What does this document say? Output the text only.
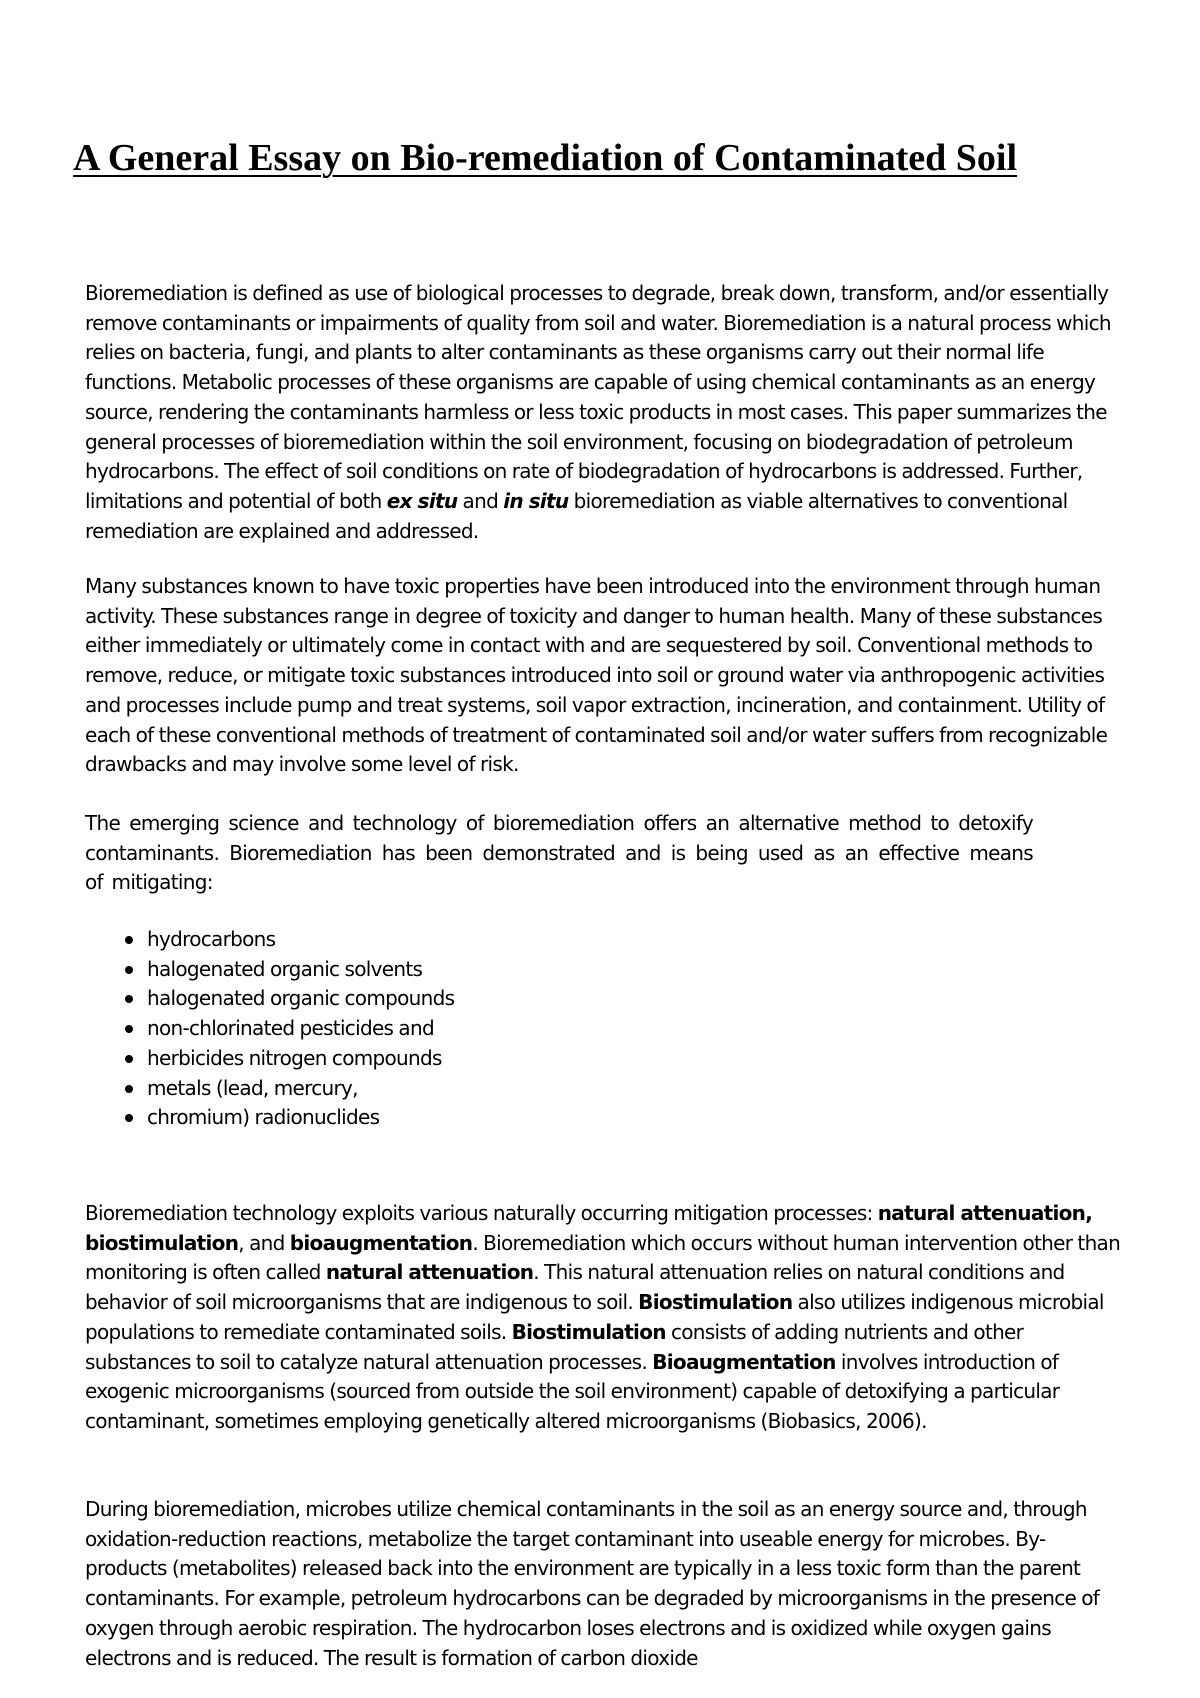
A General Essay on Bio-remediation of Contaminated Soil

Bioremediation is defined as use of biological processes to degrade, break down, transform, and/or essentially remove contaminants or impairments of quality from soil and water. Bioremediation is a natural process which relies on bacteria, fungi, and plants to alter contaminants as these organisms carry out their normal life functions. Metabolic processes of these organisms are capable of using chemical contaminants as an energy source, rendering the contaminants harmless or less toxic products in most cases. This paper summarizes the general processes of bioremediation within the soil environment, focusing on biodegradation of petroleum hydrocarbons. The effect of soil conditions on rate of biodegradation of hydrocarbons is addressed. Further, limitations and potential of both ex situ and in situ bioremediation as viable alternatives to conventional remediation are explained and addressed.

Many substances known to have toxic properties have been introduced into the environment through human activity. These substances range in degree of toxicity and danger to human health. Many of these substances either immediately or ultimately come in contact with and are sequestered by soil. Conventional methods to remove, reduce, or mitigate toxic substances introduced into soil or ground water via anthropogenic activities and processes include pump and treat systems, soil vapor extraction, incineration, and containment. Utility of each of these conventional methods of treatment of contaminated soil and/or water suffers from recognizable drawbacks and may involve some level of risk.

The emerging science and technology of bioremediation offers an alternative method to detoxify contaminants. Bioremediation has been demonstrated and is being used as an effective means of mitigating:

hydrocarbons
halogenated organic solvents
halogenated organic compounds
non-chlorinated pesticides and
herbicides nitrogen compounds
metals (lead, mercury,
chromium) radionuclides

Bioremediation technology exploits various naturally occurring mitigation processes: natural attenuation, biostimulation, and bioaugmentation. Bioremediation which occurs without human intervention other than monitoring is often called natural attenuation. This natural attenuation relies on natural conditions and behavior of soil microorganisms that are indigenous to soil. Biostimulation also utilizes indigenous microbial populations to remediate contaminated soils. Biostimulation consists of adding nutrients and other substances to soil to catalyze natural attenuation processes. Bioaugmentation involves introduction of exogenic microorganisms (sourced from outside the soil environment) capable of detoxifying a particular contaminant, sometimes employing genetically altered microorganisms (Biobasics, 2006).

During bioremediation, microbes utilize chemical contaminants in the soil as an energy source and, through oxidation-reduction reactions, metabolize the target contaminant into useable energy for microbes. By-products (metabolites) released back into the environment are typically in a less toxic form than the parent contaminants. For example, petroleum hydrocarbons can be degraded by microorganisms in the presence of oxygen through aerobic respiration. The hydrocarbon loses electrons and is oxidized while oxygen gains electrons and is reduced. The result is formation of carbon dioxide
